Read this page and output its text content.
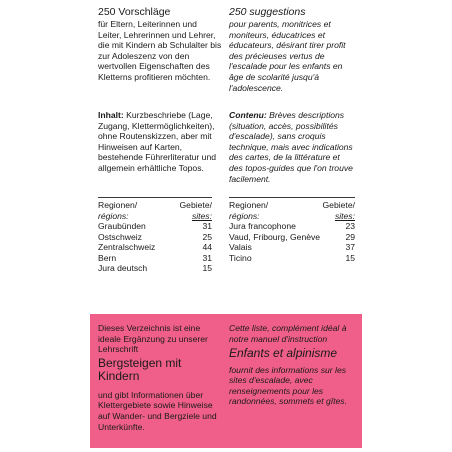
250 Vorschläge
für Eltern, Leiterinnen und Leiter, Lehrerinnen und Lehrer, die mit Kindern ab Schulalter bis zur Adoleszenz von den wertvollen Eigenschaften des Kletterns profitieren möchten.
Inhalt: Kurzbeschriebe (Lage, Zugang, Klettermöglichkeiten), ohne Routenskizzen, aber mit Hinweisen auf Karten, bestehende Führerliteratur und allgemein erhältliche Topos.
250 suggestions
pour parents, monitrices et moniteurs, éducatrices et éducateurs, désirant tirer profit des précieuses vertus de l'escalade pour les enfants en âge de scolarité jusqu'à l'adolescence.
Contenu: Brèves descriptions (situation, accès, possibilités d'escalade), sans croquis technique, mais avec indications des cartes, de la littérature et des topos-guides que l'on trouve facilement.
Regionen/
régions:
Gebiete/
sites:
Graubünden	31
Ostschweiz	25
Zentralschweiz	44
Bern	31
Jura deutsch	15
Regionen/
régions:
Gebiete/
sites:
Jura francophone	23
Vaud, Fribourg, Genève	29
Valais	37
Ticino	15

Dieses Verzeichnis ist eine ideale Ergänzung zu unserer Lehrschrift

Bergsteigen mit Kindern

und gibt Informationen über Klettergebiete sowie Hinweise auf Wander- und Bergziele und Unterkünfte.

Cette liste, complément idéal à notre manuel d'instruction

Enfants et alpinisme

fournit des informations sur les sites d'escalade, avec renseignements pour les randonnées, sommets et gîtes.
